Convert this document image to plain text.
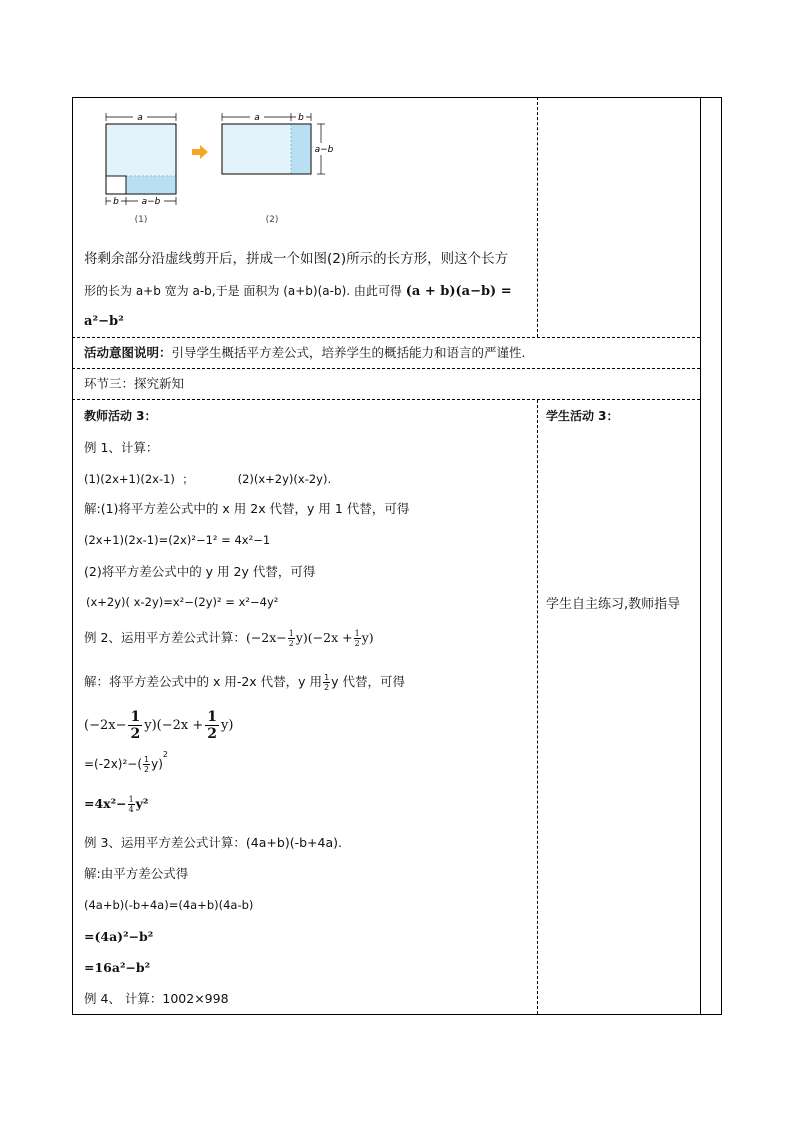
a
b	a−b
(1)
a	b
a−b
(2)
将剩余部分沿虚线剪开后，拼成一个如图(2)所示的长方形，则这个长方
形的长为 a+b 宽为 a-b,于是 面积为 (a+b)(a-b). 由此可得 (a + b)(a−b) =
a²−b²
活动意图说明：引导学生概括平方差公式，培养学生的概括能力和语言的严谨性.
环节三：探究新知
教师活动 3：
例 1、计算：
(1)(2x+1)(2x-1)  ；            (2)(x+2y)(x-2y).
解:(1)将平方差公式中的 x 用 2x 代替，y 用 1 代替，可得
(2x+1)(2x-1)=(2x)²−1² = 4x²−1
(2)将平方差公式中的 y 用 2y 代替，可得
(x+2y)( x-2y)=x²−(2y)² = x²−4y²
例 2、运用平方差公式计算：$(-2x- \frac{1}{2} y)(-2x + \frac{1}{2} y)$
解：将平方差公式中的 x 用-2x 代替，y 用 $\frac{1}{2}$ y 代替，可得
$(-2x- \frac{1}{2} y)(-2x + \frac{1}{2} y)$
$=(-2x)^2-( \frac{1}{2} y)^2$
$=4x^2- \frac{1}{4} y^2$
例 3、运用平方差公式计算：(4a+b)(-b+4a).
解:由平方差公式得
(4a+b)(-b+4a)=(4a+b)(4a-b)
=(4a)²−b²
=16a²−b²
例 4、 计算：1002×998
学生活动 3：
学生自主练习,教师指导
